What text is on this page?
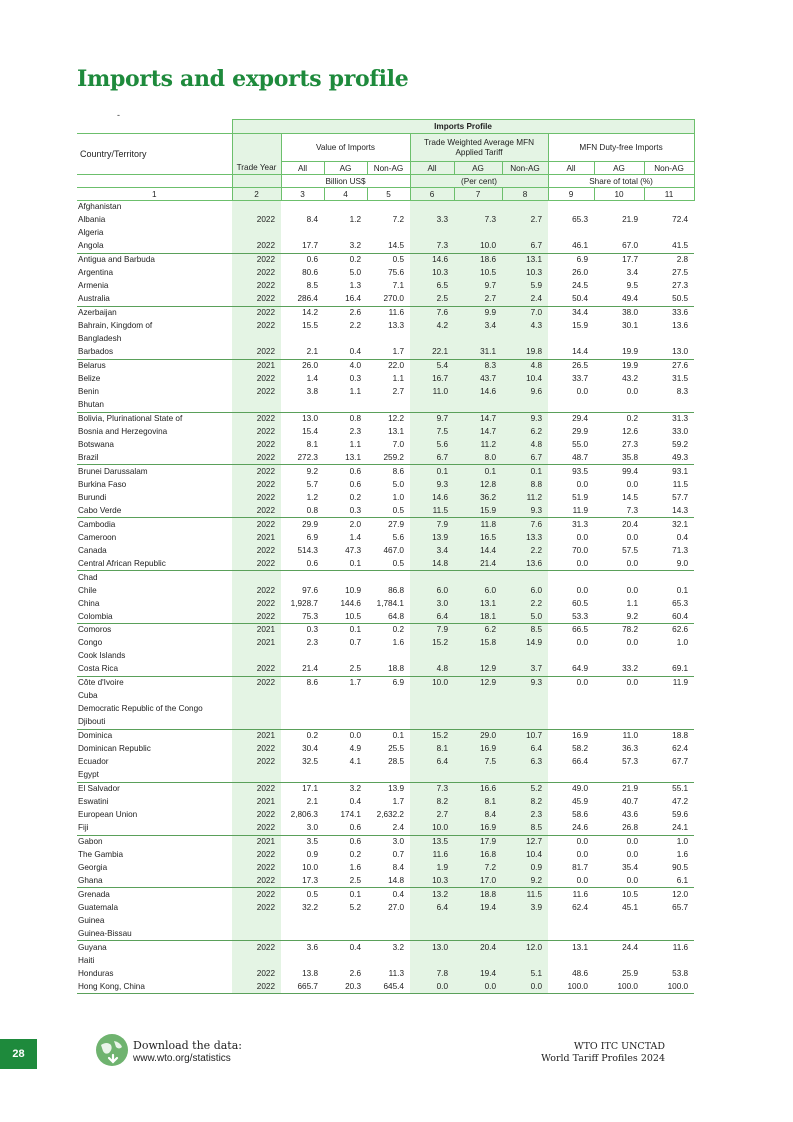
Imports and exports profile
-
	Imports Profile									
Country/Territory	Trade Year	Value of Imports			Trade Weighted Average MFN Applied Tariff			MFN Duty-free Imports		
		All	AG	Non-AG	All	AG	Non-AG	All	AG	Non-AG
		Billion US$			(Per cent)			Share of total (%)		
1	2	3	4	5	6	7	8	9	10	11
Afghanistan										
Albania	2022	8.4	1.2	7.2	3.3	7.3	2.7	65.3	21.9	72.4
Algeria										
Angola	2022	17.7	3.2	14.5	7.3	10.0	6.7	46.1	67.0	41.5
Antigua and Barbuda	2022	0.6	0.2	0.5	14.6	18.6	13.1	6.9	17.7	2.8
Argentina	2022	80.6	5.0	75.6	10.3	10.5	10.3	26.0	3.4	27.5
Armenia	2022	8.5	1.3	7.1	6.5	9.7	5.9	24.5	9.5	27.3
Australia	2022	286.4	16.4	270.0	2.5	2.7	2.4	50.4	49.4	50.5
Azerbaijan	2022	14.2	2.6	11.6	7.6	9.9	7.0	34.4	38.0	33.6
Bahrain, Kingdom of	2022	15.5	2.2	13.3	4.2	3.4	4.3	15.9	30.1	13.6
Bangladesh										
Barbados	2022	2.1	0.4	1.7	22.1	31.1	19.8	14.4	19.9	13.0
Belarus	2021	26.0	4.0	22.0	5.4	8.3	4.8	26.5	19.9	27.6
Belize	2022	1.4	0.3	1.1	16.7	43.7	10.4	33.7	43.2	31.5
Benin	2022	3.8	1.1	2.7	11.0	14.6	9.6	0.0	0.0	8.3
Bhutan										
Bolivia, Plurinational State of	2022	13.0	0.8	12.2	9.7	14.7	9.3	29.4	0.2	31.3
Bosnia and Herzegovina	2022	15.4	2.3	13.1	7.5	14.7	6.2	29.9	12.6	33.0
Botswana	2022	8.1	1.1	7.0	5.6	11.2	4.8	55.0	27.3	59.2
Brazil	2022	272.3	13.1	259.2	6.7	8.0	6.7	48.7	35.8	49.3
Brunei Darussalam	2022	9.2	0.6	8.6	0.1	0.1	0.1	93.5	99.4	93.1
Burkina Faso	2022	5.7	0.6	5.0	9.3	12.8	8.8	0.0	0.0	11.5
Burundi	2022	1.2	0.2	1.0	14.6	36.2	11.2	51.9	14.5	57.7
Cabo Verde	2022	0.8	0.3	0.5	11.5	15.9	9.3	11.9	7.3	14.3
Cambodia	2022	29.9	2.0	27.9	7.9	11.8	7.6	31.3	20.4	32.1
Cameroon	2021	6.9	1.4	5.6	13.9	16.5	13.3	0.0	0.0	0.4
Canada	2022	514.3	47.3	467.0	3.4	14.4	2.2	70.0	57.5	71.3
Central African Republic	2022	0.6	0.1	0.5	14.8	21.4	13.6	0.0	0.0	9.0
Chad										
Chile	2022	97.6	10.9	86.8	6.0	6.0	6.0	0.0	0.0	0.1
China	2022	1,928.7	144.6	1,784.1	3.0	13.1	2.2	60.5	1.1	65.3
Colombia	2022	75.3	10.5	64.8	6.4	18.1	5.0	53.3	9.2	60.4
Comoros	2021	0.3	0.1	0.2	7.9	6.2	8.5	66.5	78.2	62.6
Congo	2021	2.3	0.7	1.6	15.2	15.8	14.9	0.0	0.0	1.0
Cook Islands										
Costa Rica	2022	21.4	2.5	18.8	4.8	12.9	3.7	64.9	33.2	69.1
Côte d'Ivoire	2022	8.6	1.7	6.9	10.0	12.9	9.3	0.0	0.0	11.9
Cuba										
Democratic Republic of the Congo										
Djibouti										
Dominica	2021	0.2	0.0	0.1	15.2	29.0	10.7	16.9	11.0	18.8
Dominican Republic	2022	30.4	4.9	25.5	8.1	16.9	6.4	58.2	36.3	62.4
Ecuador	2022	32.5	4.1	28.5	6.4	7.5	6.3	66.4	57.3	67.7
Egypt										
El Salvador	2022	17.1	3.2	13.9	7.3	16.6	5.2	49.0	21.9	55.1
Eswatini	2021	2.1	0.4	1.7	8.2	8.1	8.2	45.9	40.7	47.2
European Union	2022	2,806.3	174.1	2,632.2	2.7	8.4	2.3	58.6	43.6	59.6
Fiji	2022	3.0	0.6	2.4	10.0	16.9	8.5	24.6	26.8	24.1
Gabon	2021	3.5	0.6	3.0	13.5	17.9	12.7	0.0	0.0	1.0
The Gambia	2022	0.9	0.2	0.7	11.6	16.8	10.4	0.0	0.0	1.6
Georgia	2022	10.0	1.6	8.4	1.9	7.2	0.9	81.7	35.4	90.5
Ghana	2022	17.3	2.5	14.8	10.3	17.0	9.2	0.0	0.0	6.1
Grenada	2022	0.5	0.1	0.4	13.2	18.8	11.5	11.6	10.5	12.0
Guatemala	2022	32.2	5.2	27.0	6.4	19.4	3.9	62.4	45.1	65.7
Guinea										
Guinea-Bissau										
Guyana	2022	3.6	0.4	3.2	13.0	20.4	12.0	13.1	24.4	11.6
Haiti										
Honduras	2022	13.8	2.6	11.3	7.8	19.4	5.1	48.6	25.9	53.8
Hong Kong, China	2022	665.7	20.3	645.4	0.0	0.0	0.0	100.0	100.0	100.0
28
Download the data:
www.wto.org/statistics
WTO ITC UNCTAD
World Tariff Profiles 2024
